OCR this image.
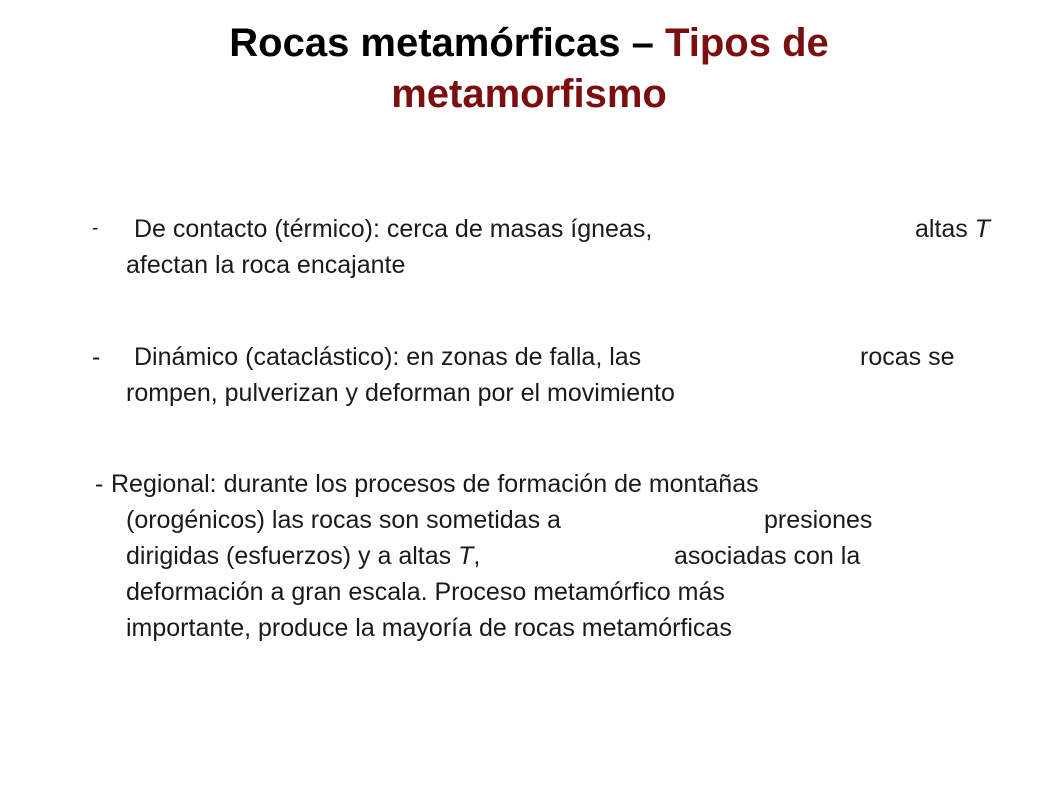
Rocas metamórficas – Tipos de
metamorfismo
- De contacto (térmico): cerca de masas ígneas,	altas T
afectan la roca encajante
- Dinámico (cataclástico): en zonas de falla, las	rocas se
rompen, pulverizan y deforman por el movimiento
- Regional: durante los procesos de formación de montañas
(orogénicos) las rocas son sometidas a	presiones
dirigidas (esfuerzos) y a altas T,	asociadas con la
deformación a gran escala. Proceso metamórfico más
importante, produce la mayoría de rocas metamórficas
